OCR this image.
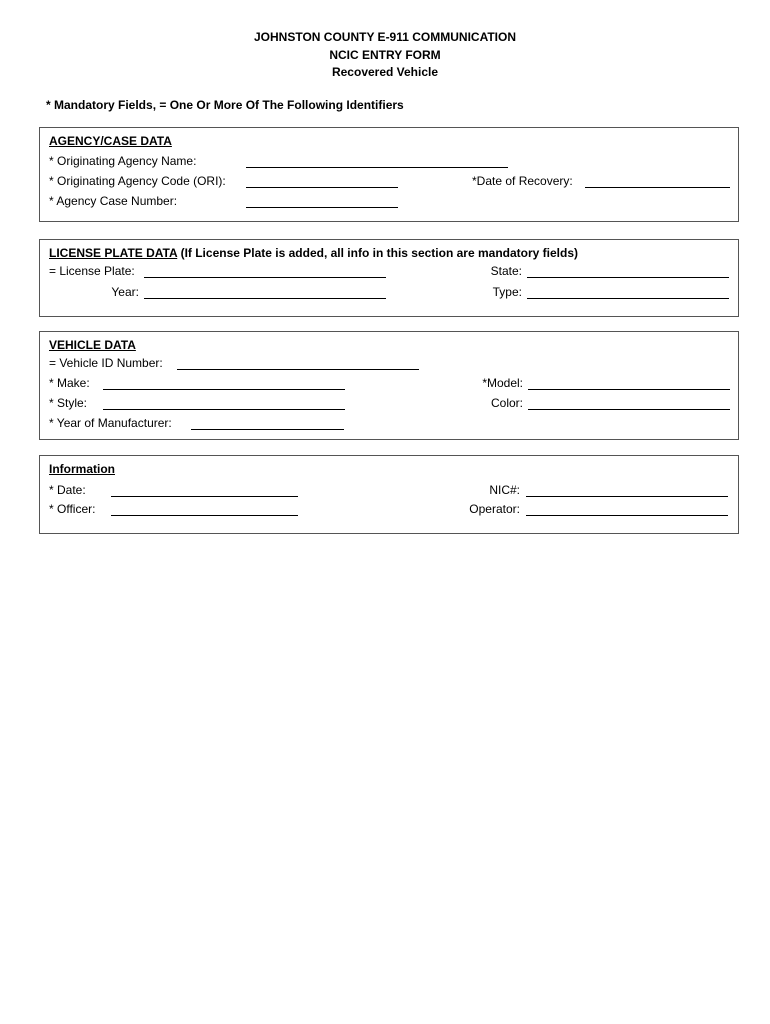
JOHNSTON COUNTY E-911 COMMUNICATION
NCIC ENTRY FORM
Recovered Vehicle
* Mandatory Fields, = One Or More Of The Following Identifiers
AGENCY/CASE DATA
* Originating Agency Name:
* Originating Agency Code (ORI):	*Date of Recovery:
* Agency Case Number:
LICENSE PLATE DATA (If License Plate is added, all info in this section are mandatory fields)
= License Plate:	State:
Year:	Type:
VEHICLE DATA
= Vehicle ID Number:
* Make:	*Model:
* Style:	Color:
* Year of Manufacturer:
Information
* Date:	NIC#:
* Officer:	Operator:
